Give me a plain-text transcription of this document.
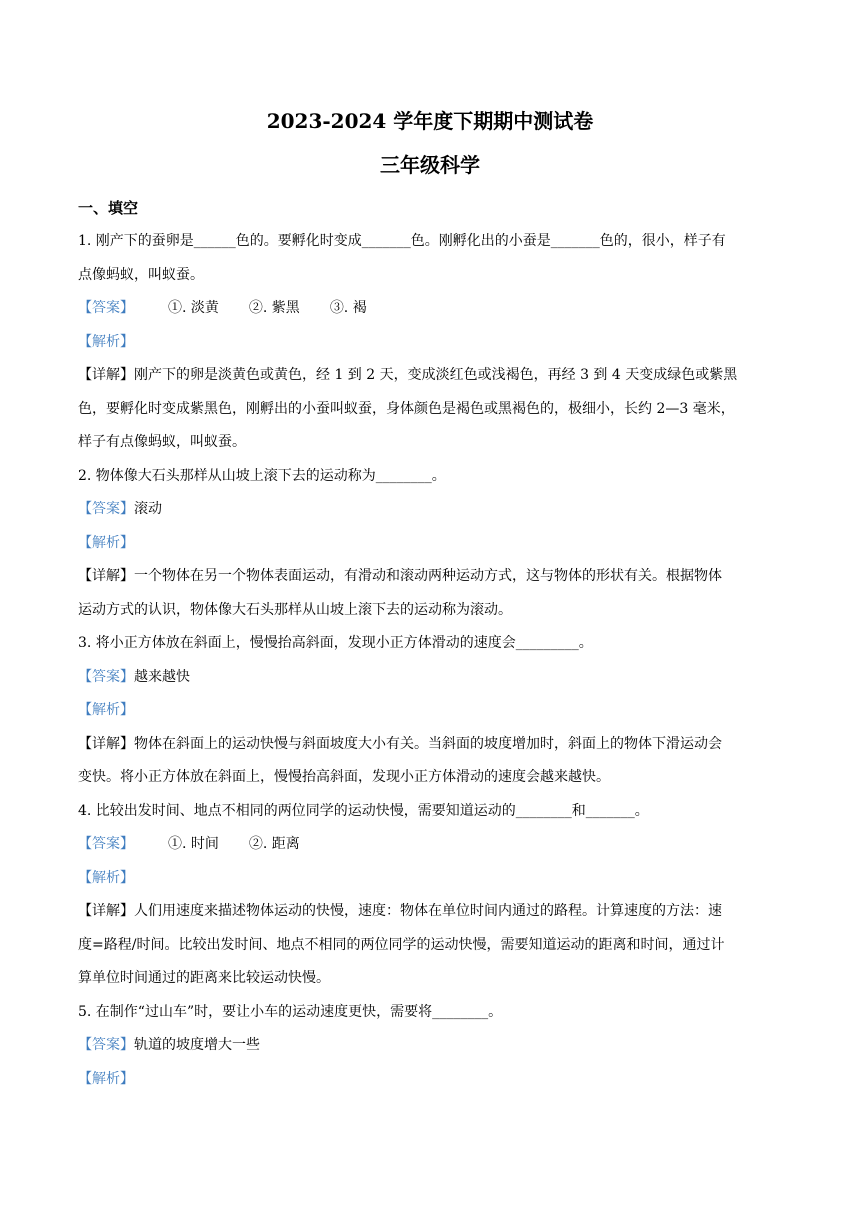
2023-2024 学年度下期期中测试卷
三年级科学
一、填空

1. 刚产下的蚕卵是______色的。要孵化时变成_______色。刚孵化出的小蚕是_______色的，很小，样子有

点像蚂蚁，叫蚁蚕。

【答案】 ①. 淡黄 ②. 紫黑 ③. 褐

【解析】

【详解】刚产下的卵是淡黄色或黄色，经 1 到 2 天，变成淡红色或浅褐色，再经 3 到 4 天变成绿色或紫黑

色，要孵化时变成紫黑色，刚孵出的小蚕叫蚁蚕，身体颜色是褐色或黑褐色的，极细小，长约 2—3 毫米，

样子有点像蚂蚁，叫蚁蚕。

2. 物体像大石头那样从山坡上滚下去的运动称为________。

【答案】滚动

【解析】

【详解】一个物体在另一个物体表面运动，有滑动和滚动两种运动方式，这与物体的形状有关。根据物体

运动方式的认识，物体像大石头那样从山坡上滚下去的运动称为滚动。

3. 将小正方体放在斜面上，慢慢抬高斜面，发现小正方体滑动的速度会_________。

【答案】越来越快

【解析】

【详解】物体在斜面上的运动快慢与斜面坡度大小有关。当斜面的坡度增加时，斜面上的物体下滑运动会

变快。将小正方体放在斜面上，慢慢抬高斜面，发现小正方体滑动的速度会越来越快。

4. 比较出发时间、地点不相同的两位同学的运动快慢，需要知道运动的________和_______。

【答案】 ①. 时间 ②. 距离

【解析】

【详解】人们用速度来描述物体运动的快慢，速度：物体在单位时间内通过的路程。计算速度的方法：速

度=路程/时间。比较出发时间、地点不相同的两位同学的运动快慢，需要知道运动的距离和时间，通过计

算单位时间通过的距离来比较运动快慢。

5. 在制作“过山车”时，要让小车的运动速度更快，需要将________。

【答案】轨道的坡度增大一些

【解析】
